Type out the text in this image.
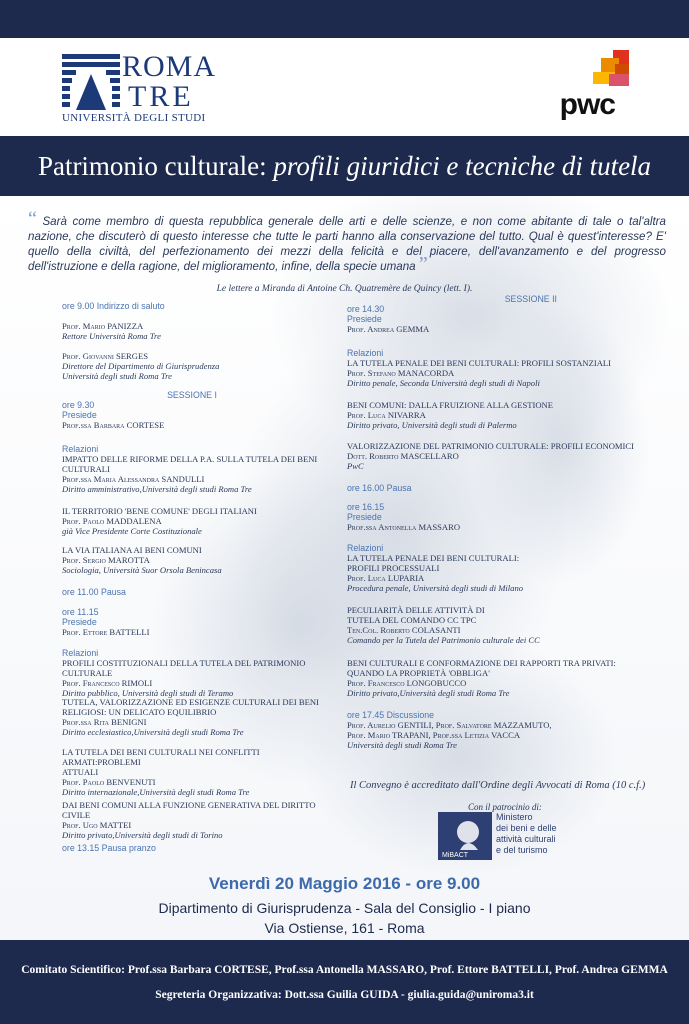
ROMA
TRE
UNIVERSITÀ DEGLI STUDI	pwc
Patrimonio culturale: profili giuridici e tecniche di tutela

“ Sarà come membro di questa repubblica generale delle arti e delle scienze, e non come abitante di tale o tal'altra nazione, che discuterò di questo interesse che tutte le parti hanno alla conservazione del tutto. Qual è quest'interesse? E' quello della civiltà, del perfezionamento dei mezzi della felicità e del piacere, dell'avanzamento e del progresso dell'istruzione e della ragione, del miglioramento, infine, della specie umana ”

Le lettere a Miranda di Antoine Ch. Quatremère de Quincy (lett. I).
ore 9.00 Indirizzo di saluto
Prof. Mario PANIZZA
Rettore Università Roma Tre
Prof. Giovanni SERGES
Direttore del Dipartimento di Giurisprudenza
Università degli studi Roma Tre
SESSIONE I
ore 9.30
Presiede
Prof.ssa Barbara CORTESE
Relazioni
IMPATTO DELLE RIFORME DELLA P.A. SULLA TUTELA DEI BENI
CULTURALI
Prof.ssa Maria Alessandra SANDULLI
Diritto amministrativo,Università degli studi Roma Tre
IL TERRITORIO 'BENE COMUNE' DEGLI ITALIANI
Prof. Paolo MADDALENA
già Vice Presidente Corte Costituzionale
LA VIA ITALIANA AI BENI COMUNI
Prof. Sergio MAROTTA
Sociologia, Università Suor Orsola Benincasa
ore 11.00 Pausa
ore 11.15
Presiede
Prof. Ettore BATTELLI
Relazioni
PROFILI COSTITUZIONALI DELLA TUTELA DEL PATRIMONIO CULTURALE
Prof. Francesco RIMOLI
Diritto pubblico, Università degli studi di Teramo
TUTELA, VALORIZZAZIONE ED ESIGENZE CULTURALI DEI BENI
RELIGIOSI: UN DELICATO EQUILIBRIO
Prof.ssa Rita BENIGNI
Diritto ecclesiastico,Università degli studi Roma Tre
LA TUTELA DEI BENI CULTURALI NEI CONFLITTI ARMATI:PROBLEMI
ATTUALI
Prof. Paolo BENVENUTI
Diritto internazionale,Università degli studi Roma Tre
DAI BENI COMUNI ALLA FUNZIONE GENERATIVA DEL DIRITTO CIVILE
Prof. Ugo MATTEI
Diritto privato,Università degli studi di Torino
ore 13.15 Pausa pranzo
SESSIONE II
ore 14.30
Presiede
Prof. Andrea GEMMA
Relazioni
LA TUTELA PENALE DEI BENI CULTURALI: PROFILI SOSTANZIALI
Prof. Stefano MANACORDA
Diritto penale, Seconda Università degli studi di Napoli
BENI COMUNI: DALLA FRUIZIONE ALLA GESTIONE
Prof. Luca NIVARRA
Diritto privato, Università degli studi di Palermo
VALORIZZAZIONE DEL PATRIMONIO CULTURALE: PROFILI ECONOMICI
Dott. Roberto MASCELLARO
PwC
ore 16.00 Pausa
ore 16.15
Presiede
Prof.ssa Antonella MASSARO
Relazioni
LA TUTELA PENALE DEI BENI CULTURALI:
PROFILI PROCESSUALI
Prof. Luca LUPARIA
Procedura penale, Università degli studi di Milano
PECULIARITÀ DELLE ATTIVITÀ DI
TUTELA DEL COMANDO CC TPC
Ten.Col. Roberto COLASANTI
Comando per la Tutela del Patrimonio culturale dei CC
BENI CULTURALI E CONFORMAZIONE DEI RAPPORTI TRA PRIVATI:
QUANDO LA PROPRIETÀ 'OBBLIGA'
Prof. Francesco LONGOBUCCO
Diritto privato,Università degli studi Roma Tre
ore 17.45 Discussione
Prof. Aurelio GENTILI, Prof. Salvatore MAZZAMUTO,
Prof. Mario TRAPANI, Prof.ssa Letizia VACCA
Università degli studi Roma Tre
Il Convegno è accreditato dall'Ordine degli Avvocati di Roma (10 c.f.)
Con il patrocinio di:
MiBACT
Ministero
dei beni e delle
attività culturali
e del turismo
Venerdì 20 Maggio 2016 - ore 9.00
Dipartimento di Giurisprudenza - Sala del Consiglio - I piano
Via Ostiense, 161 - Roma
Comitato Scientifico: Prof.ssa Barbara CORTESE, Prof.ssa Antonella MASSARO, Prof. Ettore BATTELLI, Prof. Andrea GEMMA
Segreteria Organizzativa: Dott.ssa Guilia GUIDA - giulia.guida@uniroma3.it
